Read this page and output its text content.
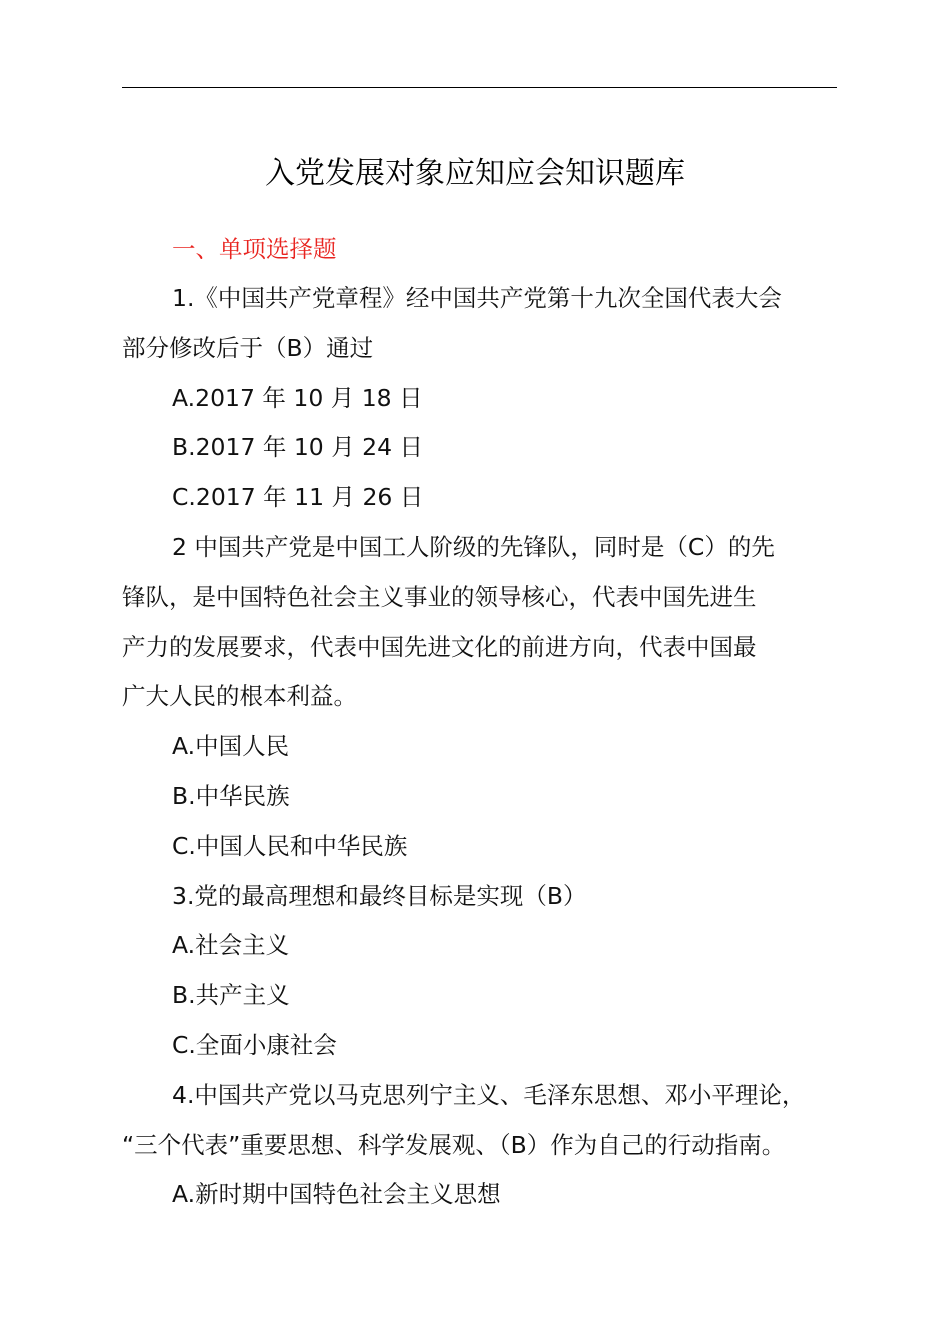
入党发展对象应知应会知识题库
一、单项选择题
1.《中国共产党章程》经中国共产党第十九次全国代表大会
部分修改后于（B）通过
A.2017 年 10 月 18 日
B.2017 年 10 月 24 日
C.2017 年 11 月 26 日
2 中国共产党是中国工人阶级的先锋队，同时是（C）的先
锋队，是中国特色社会主义事业的领导核心，代表中国先进生
产力的发展要求，代表中国先进文化的前进方向，代表中国最
广大人民的根本利益。
A.中国人民
B.中华民族
C.中国人民和中华民族
3.党的最高理想和最终目标是实现（B）
A.社会主义
B.共产主义
C.全面小康社会
4.中国共产党以马克思列宁主义、毛泽东思想、邓小平理论，
“三个代表”重要思想、科学发展观、（B）作为自己的行动指南。
A.新时期中国特色社会主义思想
